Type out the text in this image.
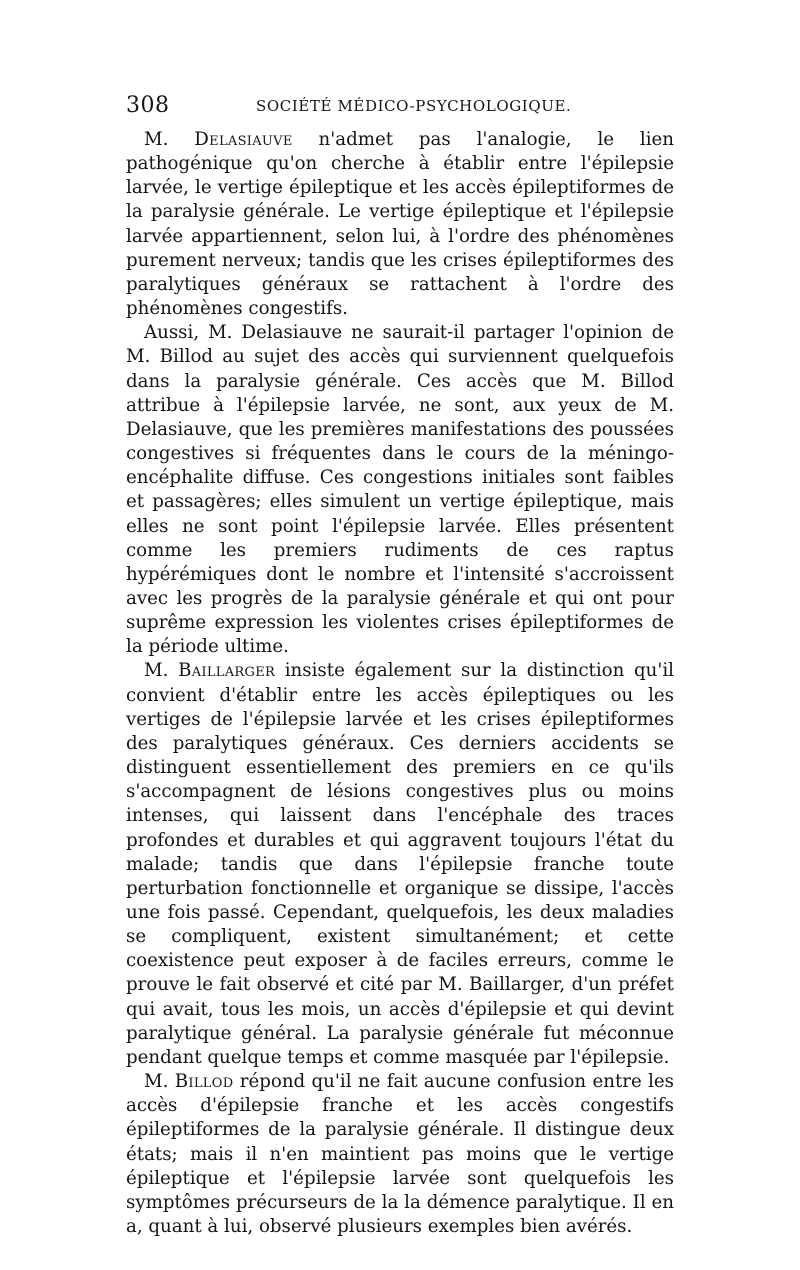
308	SOCIÉTÉ MÉDICO-PSYCHOLOGIQUE.

M. Delasiauve n'admet pas l'analogie, le lien pathogénique qu'on cherche à établir entre l'épilepsie larvée, le vertige épileptique et les accès épileptiformes de la paralysie générale. Le vertige épileptique et l'épilepsie larvée appartiennent, selon lui, à l'ordre des phénomènes purement nerveux; tandis que les crises épileptiformes des paralytiques généraux se rattachent à l'ordre des phénomènes congestifs.

Aussi, M. Delasiauve ne saurait-il partager l'opinion de M. Billod au sujet des accès qui surviennent quelquefois dans la paralysie générale. Ces accès que M. Billod attribue à l'épilepsie larvée, ne sont, aux yeux de M. Delasiauve, que les premières manifestations des poussées congestives si fréquentes dans le cours de la méningo-encéphalite diffuse. Ces congestions initiales sont faibles et passagères; elles simulent un vertige épileptique, mais elles ne sont point l'épilepsie larvée. Elles présentent comme les premiers rudiments de ces raptus hypérémiques dont le nombre et l'intensité s'accroissent avec les progrès de la paralysie générale et qui ont pour suprême expression les violentes crises épileptiformes de la période ultime.

M. Baillarger insiste également sur la distinction qu'il convient d'établir entre les accès épileptiques ou les vertiges de l'épilepsie larvée et les crises épileptiformes des paralytiques généraux. Ces derniers accidents se distinguent essentiellement des premiers en ce qu'ils s'accompagnent de lésions congestives plus ou moins intenses, qui laissent dans l'encéphale des traces profondes et durables et qui aggravent toujours l'état du malade; tandis que dans l'épilepsie franche toute perturbation fonctionnelle et organique se dissipe, l'accès une fois passé. Cependant, quelquefois, les deux maladies se compliquent, existent simultanément; et cette coexistence peut exposer à de faciles erreurs, comme le prouve le fait observé et cité par M. Baillarger, d'un préfet qui avait, tous les mois, un accès d'épilepsie et qui devint paralytique général. La paralysie générale fut méconnue pendant quelque temps et comme masquée par l'épilepsie.

M. Billod répond qu'il ne fait aucune confusion entre les accès d'épilepsie franche et les accès congestifs épileptiformes de la paralysie générale. Il distingue deux états; mais il n'en maintient pas moins que le vertige épileptique et l'épilepsie larvée sont quelquefois les symptômes précurseurs de la la démence paralytique. Il en a, quant à lui, observé plusieurs exemples bien avérés.
